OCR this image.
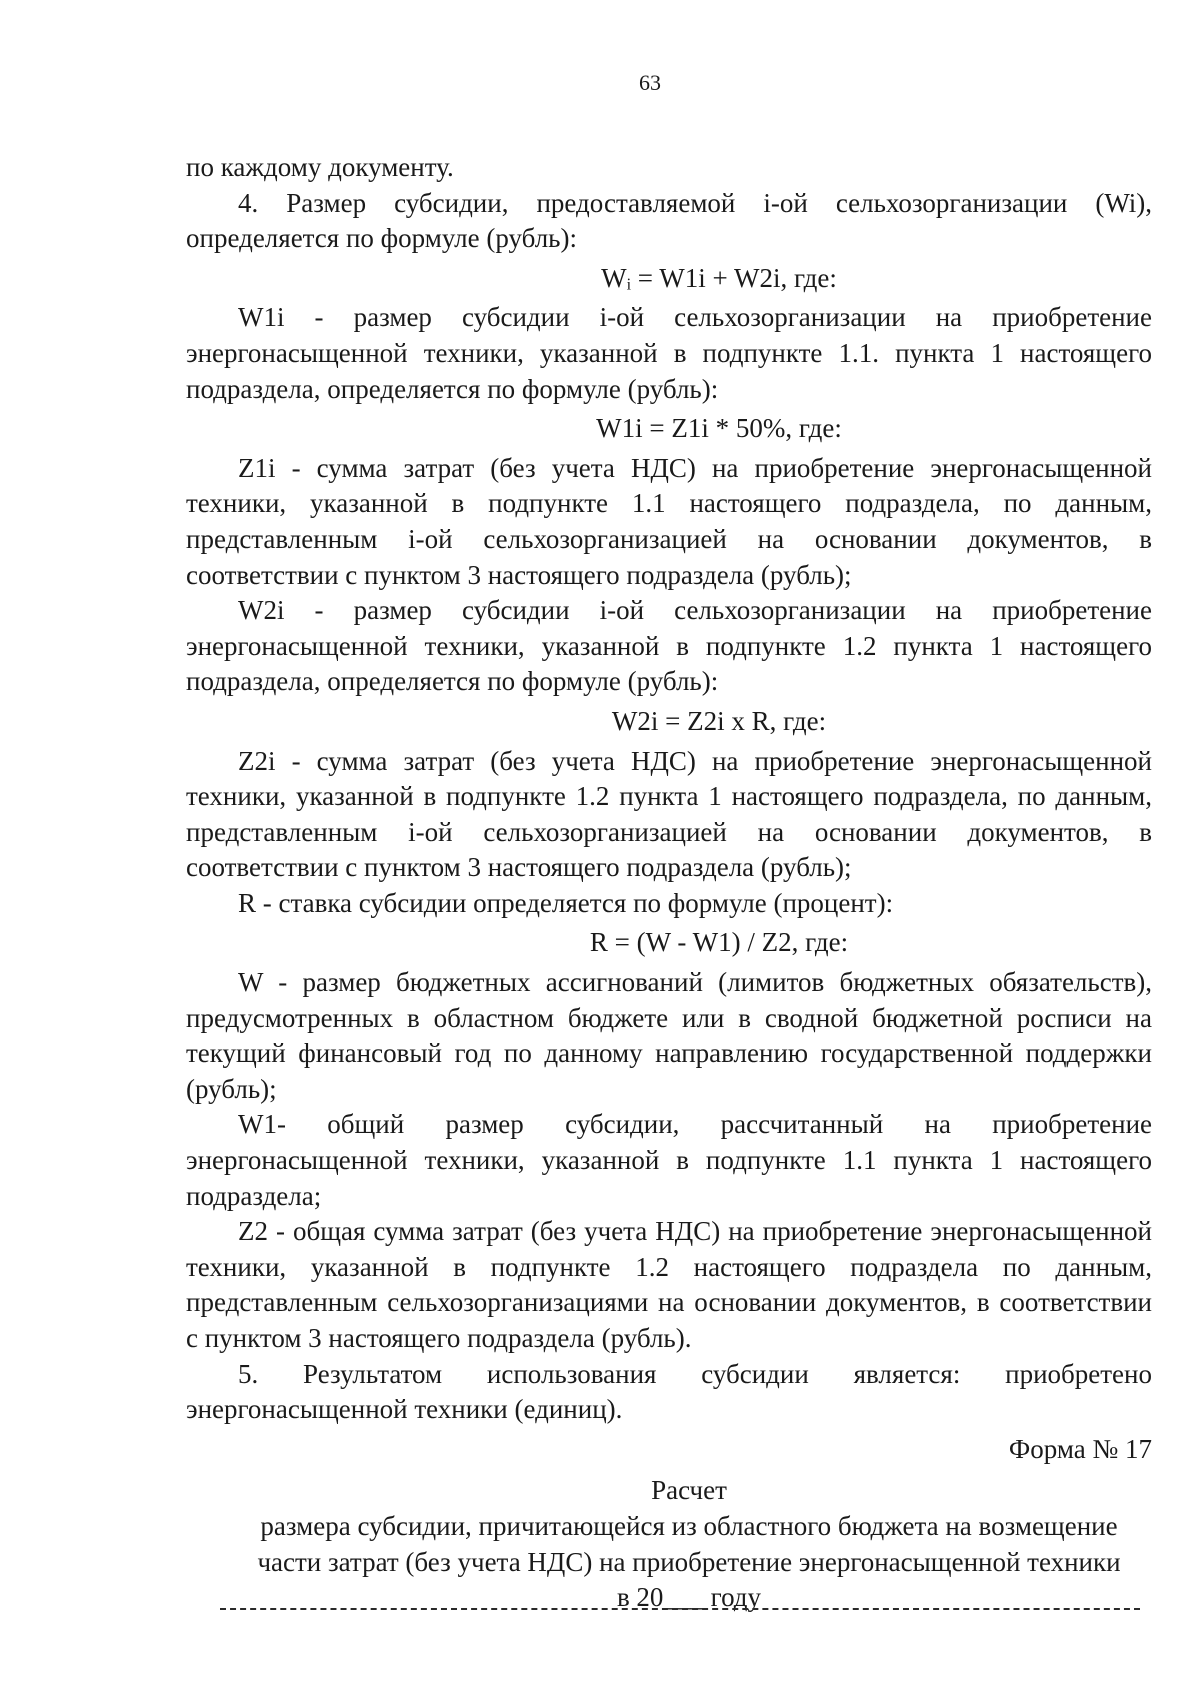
63

по каждому документу.

4. Размер субсидии, предоставляемой i-ой сельхозорганизации (Wi), определяется по формуле (рубль):

Wᵢ = W1i + W2i, где:

W1i - размер субсидии i-ой сельхозорганизации на приобретение энергонасыщенной техники, указанной в подпункте 1.1. пункта 1 настоящего подраздела, определяется по формуле (рубль):

W1i = Z1i * 50%, где:

Z1i - сумма затрат (без учета НДС) на приобретение энергонасыщенной техники, указанной в подпункте 1.1 настоящего подраздела, по данным, представленным i-ой сельхозорганизацией на основании документов, в соответствии с пунктом 3 настоящего подраздела (рубль);

W2i - размер субсидии i-ой сельхозорганизации на приобретение энергонасыщенной техники, указанной в подпункте 1.2 пункта 1 настоящего подраздела, определяется по формуле (рубль):

W2i = Z2i x R, где:

Z2i - сумма затрат (без учета НДС) на приобретение энергонасыщенной техники, указанной в подпункте 1.2 пункта 1 настоящего подраздела, по данным, представленным i-ой сельхозорганизацией на основании документов, в соответствии с пунктом 3 настоящего подраздела (рубль);

R - ставка субсидии определяется по формуле (процент):

R = (W - W1) / Z2, где:

W - размер бюджетных ассигнований (лимитов бюджетных обязательств), предусмотренных в областном бюджете или в сводной бюджетной росписи на текущий финансовый год по данному направлению государственной поддержки (рубль);

W1- общий размер субсидии, рассчитанный на приобретение энергонасыщенной техники, указанной в подпункте 1.1 пункта 1 настоящего подраздела;

Z2 - общая сумма затрат (без учета НДС) на приобретение энергонасыщенной техники, указанной в подпункте 1.2 настоящего подраздела по данным, представленным сельхозорганизациями на основании документов, в соответствии с пунктом 3 настоящего подраздела (рубль).

5. Результатом использования субсидии является: приобретено энергонасыщенной техники (единиц).

Форма № 17

Расчет

размера субсидии, причитающейся из областного бюджета на возмещение

части затрат (без учета НДС) на приобретение энергонасыщенной техники

в 20___ году
